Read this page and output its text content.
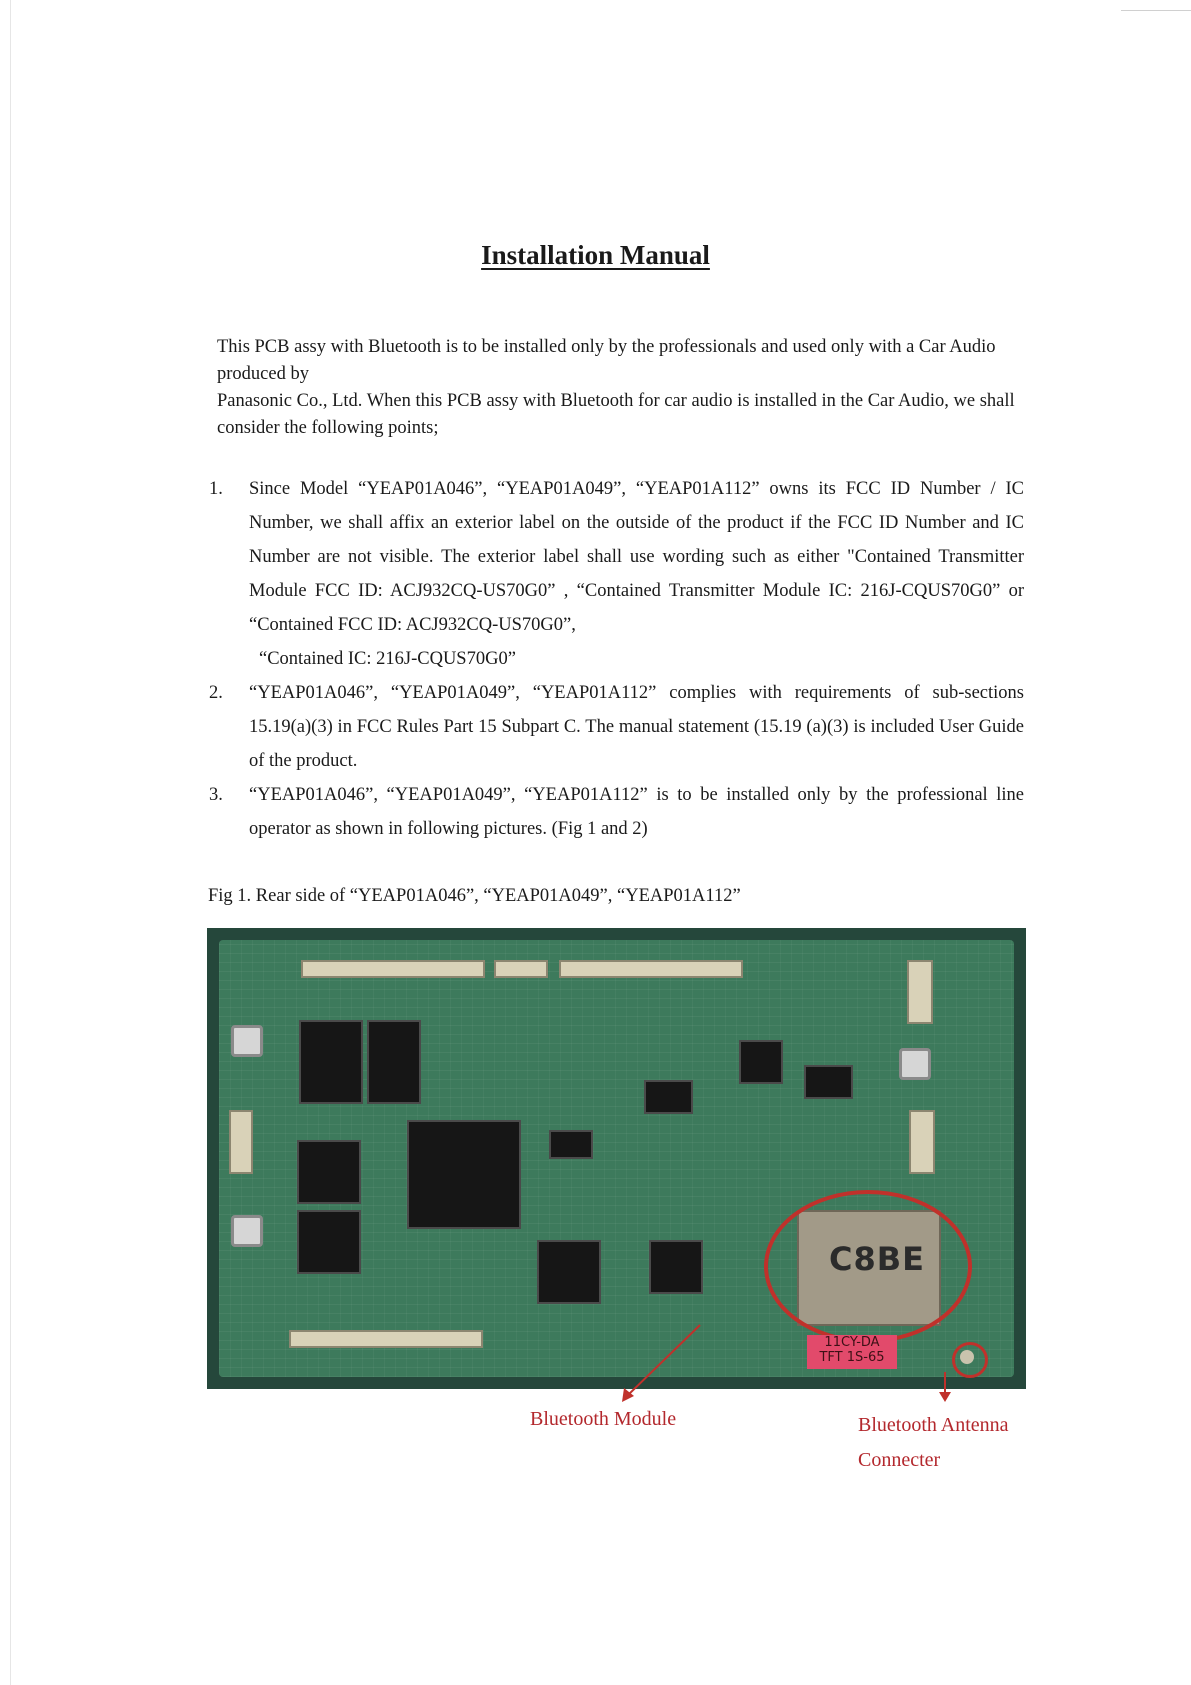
Installation Manual

This PCB assy with Bluetooth is to be installed only by the professionals and used only with a Car Audio produced by

Panasonic Co., Ltd. When this PCB assy with Bluetooth for car audio is installed in the Car Audio, we shall consider the following points;

1. Since Model “YEAP01A046”, “YEAP01A049”, “YEAP01A112” owns its FCC ID Number / IC Number, we shall affix an exterior label on the outside of the product if the FCC ID Number and IC Number are not visible. The exterior label shall use wording such as either "Contained Transmitter Module FCC ID: ACJ932CQ-US70G0” , “Contained Transmitter Module IC: 216J-CQUS70G0” or “Contained FCC ID: ACJ932CQ-US70G0”,

“Contained IC: 216J-CQUS70G0”

2. “YEAP01A046”, “YEAP01A049”, “YEAP01A112” complies with requirements of sub-sections 15.19(a)(3) in FCC Rules Part 15 Subpart C. The manual statement (15.19 (a)(3) is included User Guide of the product.

3. “YEAP01A046”, “YEAP01A049”, “YEAP01A112” is to be installed only by the professional line operator as shown in following pictures. (Fig 1 and 2)

Fig 1. Rear side of “YEAP01A046”, “YEAP01A049”, “YEAP01A112”
C8BE
11CY-DA
TFT 1S-65
Bluetooth Module	Bluetooth Antenna
Connecter
